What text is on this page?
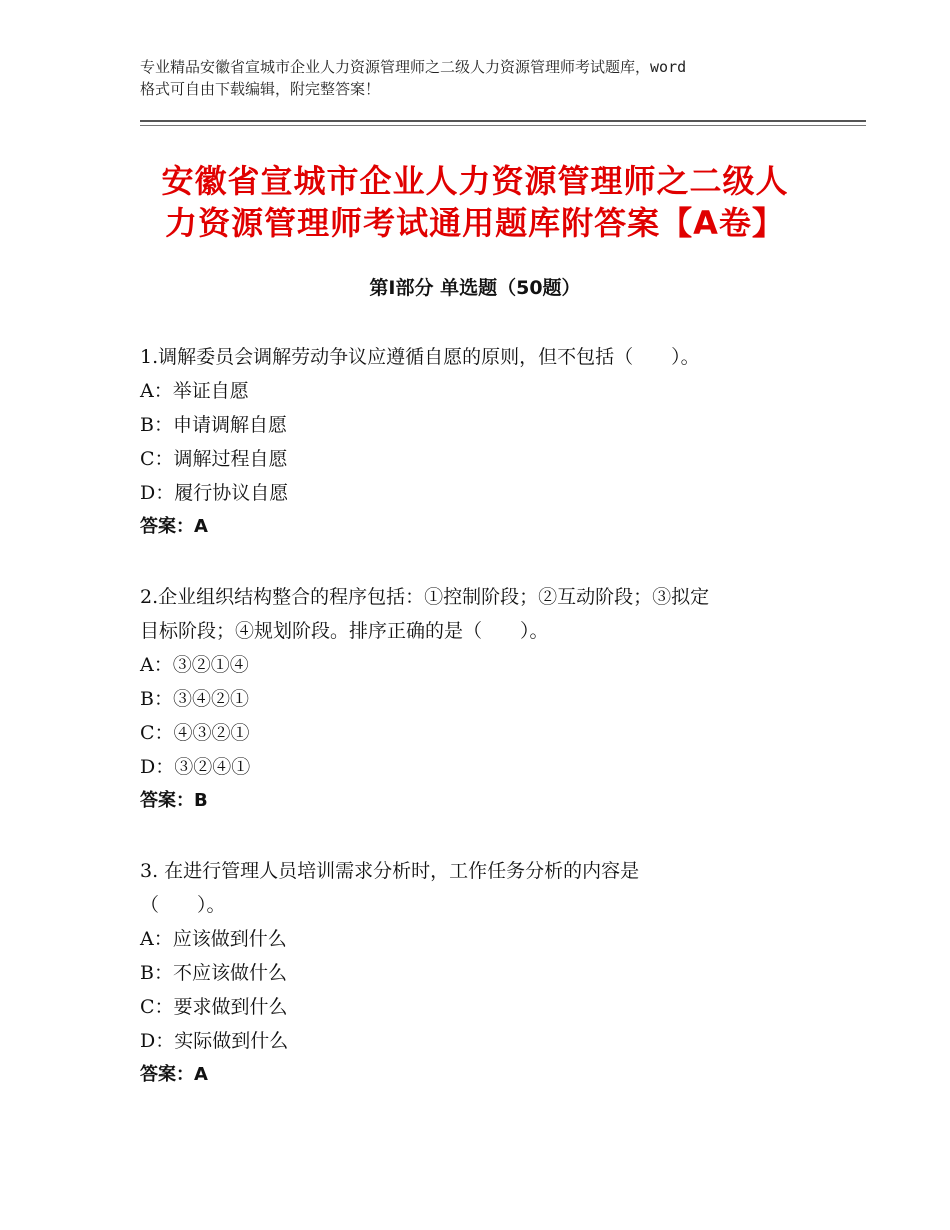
专业精品安徽省宣城市企业人力资源管理师之二级人力资源管理师考试题库，word
格式可自由下载编辑，附完整答案！
安徽省宣城市企业人力资源管理师之二级人
力资源管理师考试通用题库附答案【A卷】
第Ⅰ部分 单选题（50题）

1.调解委员会调解劳动争议应遵循自愿的原则，但不包括（　　）。

A：举证自愿

B：申请调解自愿

C：调解过程自愿

D：履行协议自愿

答案：A

2.企业组织结构整合的程序包括：①控制阶段；②互动阶段；③拟定

目标阶段；④规划阶段。排序正确的是（　　）。

A：③②①④

B：③④②①

C：④③②①

D：③②④①

答案：B

3. 在进行管理人员培训需求分析时，工作任务分析的内容是

（　　）。

A：应该做到什么

B：不应该做什么

C：要求做到什么

D：实际做到什么

答案：A
